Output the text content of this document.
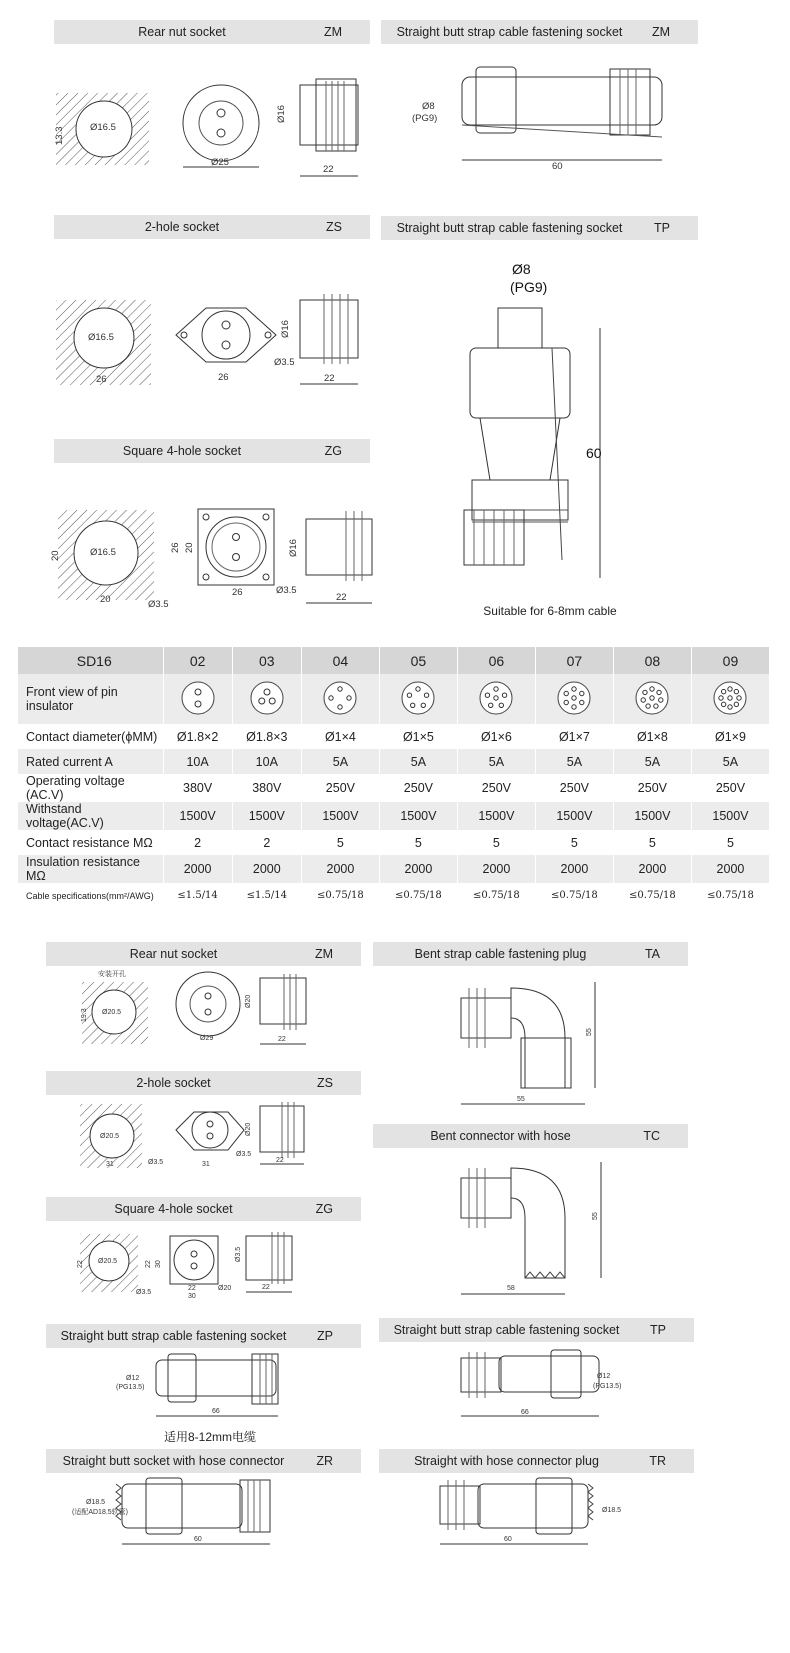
Rear nut socket	ZM	Straight butt strap cable fastening socket	ZM
Ø16.5
13.3
Ø25
Ø16
22
Ø8
(PG9)
60
2-hole socket	ZS	Straight butt strap cable fastening socket	TP
Ø16.5
26	26
Ø16
Ø3.5
22
Ø8
(PG9)
60
Suitable for 6-8mm cable
Square 4-hole socket	ZG
Ø16.5
20
20	Ø3.5
26 20
26
Ø16
Ø3.5
22
SD16	02	03	04	05	06	07	08	09
Front view of pin insulator								
Contact diameter(ϕMM)	Ø1.8×2	Ø1.8×3	Ø1×4	Ø1×5	Ø1×6	Ø1×7	Ø1×8	Ø1×9
Rated current A	10A	10A	5A	5A	5A	5A	5A	5A
Operating voltage (AC.V)	380V	380V	250V	250V	250V	250V	250V	250V
Withstand voltage(AC.V)	1500V	1500V	1500V	1500V	1500V	1500V	1500V	1500V
Contact resistance MΩ	2	2	5	5	5	5	5	5
Insulation resistance MΩ	2000	2000	2000	2000	2000	2000	2000	2000
Cable specifications(mm²/AWG)	≤1.5/14	≤1.5/14	≤0.75/18	≤0.75/18	≤0.75/18	≤0.75/18	≤0.75/18	≤0.75/18
Rear nut socket	ZM	Bent strap cable fastening plug	TA
安装开孔
Ø20.5
19.3
Ø29
Ø20
22
55
55
2-hole socket	ZS
Bent connector with hose	TC
Ø20.5
31	Ø3.5	31
Ø20
Ø3.5
22
55
58
Square 4-hole socket	ZG
Ø20.5
22
Ø3.5
30
22	Ø20
22
30
Ø3.5
22
Straight butt strap cable fastening socket	ZP	Straight butt strap cable fastening socket	TP
Ø12
(PG13.5)
66
适用8-12mm电缆
Ø12
(PG13.5)
66
Straight butt socket with hose connector	ZR	Straight with hose connector plug	TR
Ø18.5
(适配AD18.5软管)
60
Ø18.5
60
